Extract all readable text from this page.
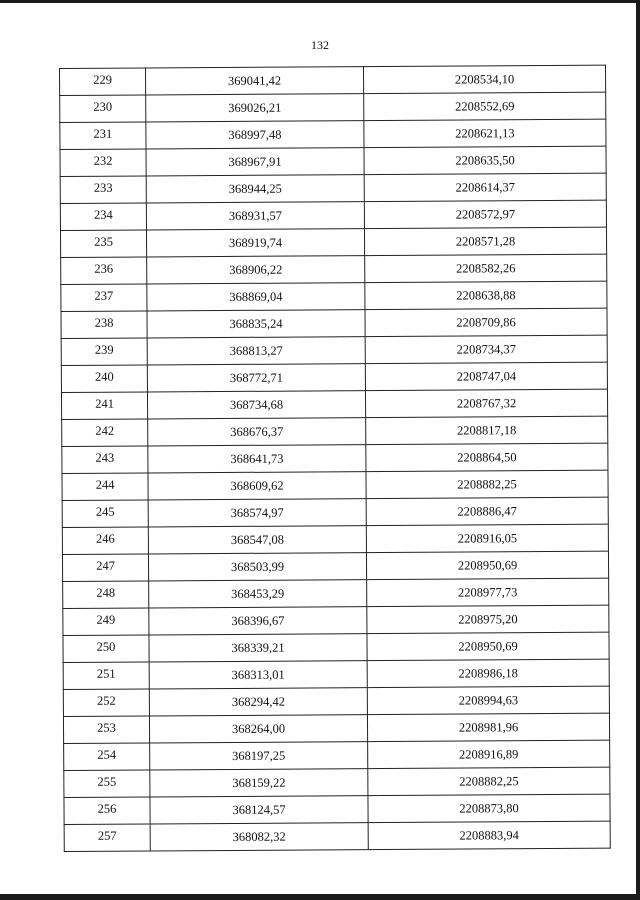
132
229	369041,42	2208534,10
230	369026,21	2208552,69
231	368997,48	2208621,13
232	368967,91	2208635,50
233	368944,25	2208614,37
234	368931,57	2208572,97
235	368919,74	2208571,28
236	368906,22	2208582,26
237	368869,04	2208638,88
238	368835,24	2208709,86
239	368813,27	2208734,37
240	368772,71	2208747,04
241	368734,68	2208767,32
242	368676,37	2208817,18
243	368641,73	2208864,50
244	368609,62	2208882,25
245	368574,97	2208886,47
246	368547,08	2208916,05
247	368503,99	2208950,69
248	368453,29	2208977,73
249	368396,67	2208975,20
250	368339,21	2208950,69
251	368313,01	2208986,18
252	368294,42	2208994,63
253	368264,00	2208981,96
254	368197,25	2208916,89
255	368159,22	2208882,25
256	368124,57	2208873,80
257	368082,32	2208883,94
